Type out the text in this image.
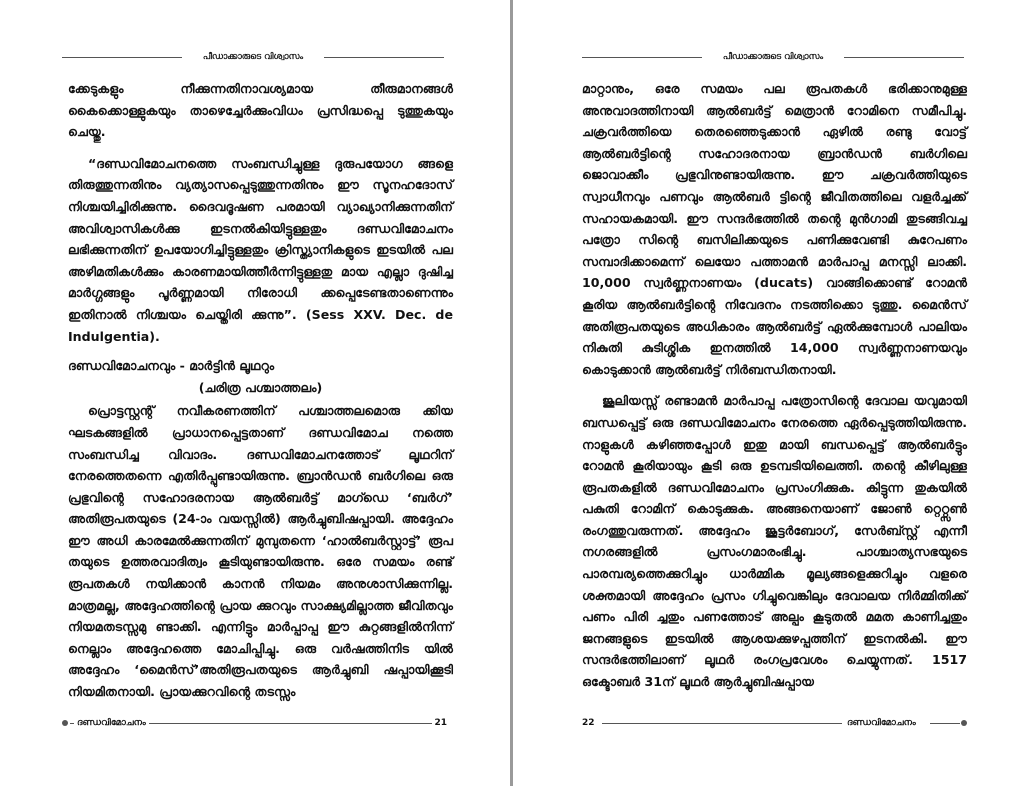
പീഡാക്കാരുടെ വിശ്വാസം

ക്കേടുകളും നീക്കുന്നതിനാവശ്യമായ തീരുമാനങ്ങൾ കൈക്കൊള്ളുകയും താഴെച്ചേർക്കുംവിധം പ്രസിദ്ധപ്പെ ടുത്തുകയും ചെയ്തു.

“ദണ്ഡവിമോചനത്തെ സംബന്ധിച്ചുള്ള ദുരുപയോഗ ങ്ങളെ തിരുത്തുന്നതിനും വ്യത്യാസപ്പെടുത്തുന്നതിനും ഈ സൂനഹദോസ് നിശ്ചയിച്ചിരിക്കുന്നു. ദൈവദൂഷണ പരമായി വ്യാഖ്യാനിക്കുന്നതിന് അവിശ്വാസികൾക്കു ഇടനൽകിയിട്ടുള്ളതും ദണ്ഡവിമോചനം ലഭിക്കുന്നതിന് ഉപയോഗിച്ചിട്ടുള്ളതും ക്രിസ്ത്യാനികളുടെ ഇടയിൽ പല അഴിമതികൾക്കും കാരണമായിത്തീർന്നിട്ടുള്ളതു മായ എല്ലാ ദുഷിച്ച മാർഗ്ഗങ്ങളും പൂർണ്ണമായി നിരോധി ക്കപ്പെടേണ്ടതാണെന്നും ഇതിനാൽ നിശ്ചയം ചെയ്തിരി ക്കുന്നു”. (Sess XXV. Dec. de Indulgentia).

ദണ്ഡവിമോചനവും - മാർട്ടിൻ ലൂഥറും

(ചരിത്ര പശ്ചാത്തലം)

പ്രൊട്ടസ്റ്റന്റ് നവീകരണത്തിന് പശ്ചാത്തലമൊരു ക്കിയ ഘടകങ്ങളിൽ പ്രാധാനപ്പെട്ടതാണ് ദണ്ഡവിമോച നത്തെ സംബന്ധിച്ച വിവാദം. ദണ്ഡവിമോചനത്തോട് ലൂഥറിന് നേരത്തെതന്നെ എതിർപ്പുണ്ടായിരുന്നു. ബ്രാൻഡൻ ബർഗിലെ ഒരു പ്രഭുവിന്റെ സഹോദരനായ ആൽബർട്ട് മാഗ്ഡെ ‘ബർഗ്’ അതിരൂപതയുടെ (24-ാം വയസ്സിൽ) ആർച്ചുബിഷപ്പായി. അദ്ദേഹം ഈ അധി കാരമേൽക്കുന്നതിന് മുമ്പുതന്നെ ‘ഹാൽബർസ്റ്റാട്ട്’ രൂപ തയുടെ ഉത്തരവാദിത്വം കൂടിയുണ്ടായിരുന്നു. ഒരേ സമയം രണ്ട് രൂപതകൾ നയിക്കാൻ കാനൻ നിയമം അനുശാസിക്കുന്നില്ല. മാത്രമല്ല, അദ്ദേഹത്തിന്റെ പ്രായ ക്കുറവും സാക്ഷ്യമില്ലാത്ത ജീവിതവും നിയമതടസ്സമു ണ്ടാക്കി. എന്നിട്ടും മാർപ്പാപ്പ ഈ കുറ്റങ്ങളിൽനിന്ന് നെല്ലാം അദ്ദേഹത്തെ മോചിപ്പിച്ചു. ഒരു വർഷത്തിനിട യിൽ അദ്ദേഹം ‘മൈൻസ്’അതിരൂപതയുടെ ആർച്ചുബി ഷപ്പായിക്കൂടി നിയമിതനായി. പ്രായക്കുറവിന്റെ തടസ്സം

ദണ്ഡവിമോചനം	21
പീഡാക്കാരുടെ വിശ്വാസം

മാറ്റാനും, ഒരേ സമയം പല രൂപതകൾ ഭരിക്കാനുമുള്ള അനുവാദത്തിനായി ആൽബർട്ട് മെത്രാൻ റോമിനെ സമീപിച്ചു. ചക്രവർത്തിയെ തെരഞ്ഞെടുക്കാൻ ഏഴിൽ രണ്ടു വോട്ട് ആൽബർട്ടിന്റെ സഹോദരനായ ബ്രാൻഡൻ ബർഗിലെ ജൊവാക്കീം പ്രഭുവിനുണ്ടായിരുന്നു. ഈ ചക്രവർത്തിയുടെ സ്വാധീനവും പണവും ആൽബർ ട്ടിന്റെ ജീവിതത്തിലെ വളർച്ചക്ക് സഹായകമായി. ഈ സന്ദർഭത്തിൽ തന്റെ മുൻഗാമി തുടങ്ങിവച്ച പത്രോ സിന്റെ ബസിലിക്കയുടെ പണിക്കുവേണ്ടി കുറേപണം സമ്പാദിക്കാമെന്ന് ലെയോ പത്താമൻ മാർപാപ്പ മനസ്സി ലാക്കി. 10,000 സ്വർണ്ണനാണയം (ducats) വാങ്ങിക്കൊണ്ട് റോമൻ കൂരിയ ആൽബർട്ടിന്റെ നിവേദനം നടത്തിക്കൊ ടുത്തു. മൈൻസ് അതിരൂപതയുടെ അധികാരം ആൽബർട്ട് ഏൽക്കുമ്പോൾ പാലിയം നികുതി കുടിശ്ശിക ഇനത്തിൽ 14,000 സ്വർണ്ണനാണയവും കൊടുക്കാൻ ആൽബർട്ട് നിർബന്ധിതനായി.

ജൂലിയസ്സ് രണ്ടാമൻ മാർപാപ്പ പത്രോസിന്റെ ദേവാല യവുമായി ബന്ധപ്പെട്ട് ഒരു ദണ്ഡവിമോചനം നേരത്തെ ഏർപ്പെടുത്തിയിരുന്നു. നാളുകൾ കഴിഞ്ഞപ്പോൾ ഇതു മായി ബന്ധപ്പെട്ട് ആൽബർട്ടും റോമൻ കൂരിയായും കൂടി ഒരു ഉടമ്പടിയിലെത്തി. തന്റെ കീഴിലുള്ള രൂപതകളിൽ ദണ്ഡവിമോചനം പ്രസംഗിക്കുക. കിട്ടുന്ന തുകയിൽ പകുതി റോമിന് കൊടുക്കുക. അങ്ങനെയാണ് ജോൺ റ്റെറ്റ്സൺ രംഗത്തുവരുന്നത്. അദ്ദേഹം ജൂട്ടർബോഗ്, സേർബ്സ്റ്റ് എന്നീ നഗരങ്ങളിൽ പ്രസംഗമാരംഭിച്ചു. പാശ്ചാത്യസഭയുടെ പാരമ്പര്യത്തെക്കുറിച്ചും ധാർമ്മിക മൂല്യങ്ങളെക്കുറിച്ചും വളരെ ശക്തമായി അദ്ദേഹം പ്രസം ഗിച്ചുവെങ്കിലും ദേവാലയ നിർമ്മിതിക്ക് പണം പിരി ച്ചതും പണത്തോട് അല്പം കൂടുതൽ മമത കാണിച്ചതും ജനങ്ങളുടെ ഇടയിൽ ആശയക്കുഴപ്പത്തിന് ഇടനൽകി. ഈ സന്ദർഭത്തിലാണ് ലൂഥർ രംഗപ്രവേശം ചെയ്യുന്നത്. 1517 ഒക്ടോബർ 31ന് ലൂഥർ ആർച്ചുബിഷപ്പായ

22	ദണ്ഡവിമോചനം
